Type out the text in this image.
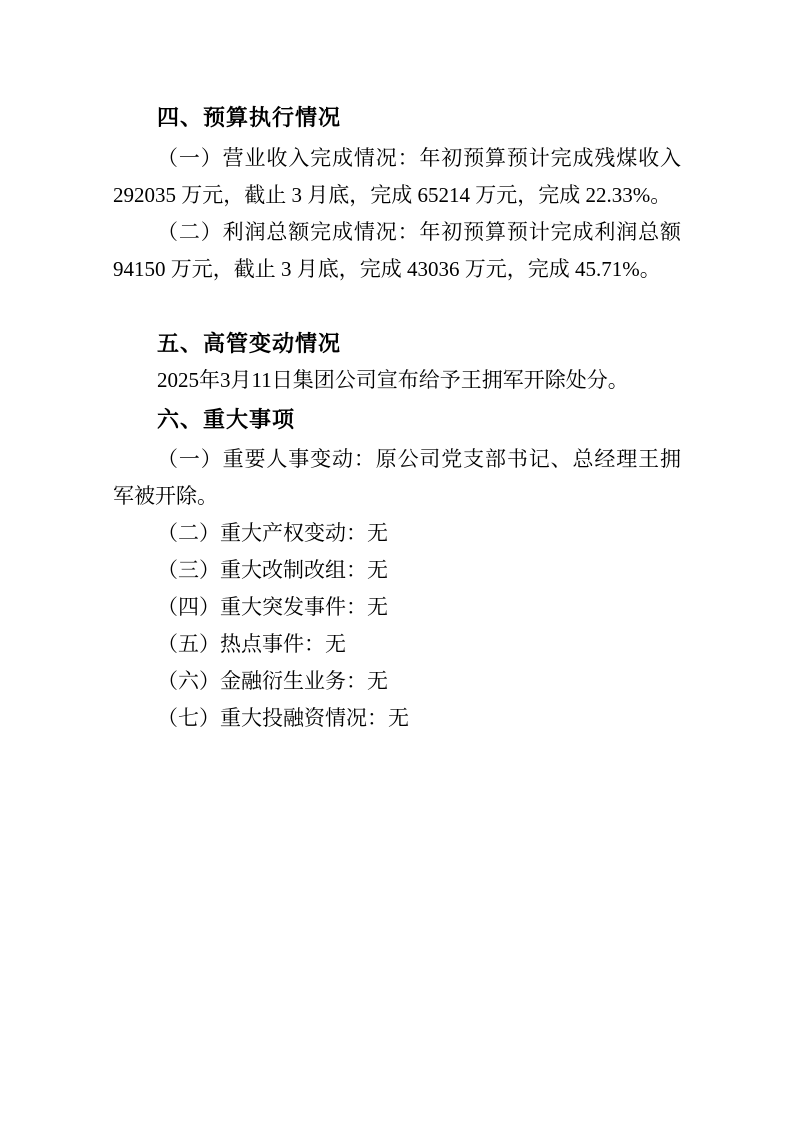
四、预算执行情况

（一）营业收入完成情况：年初预算预计完成残煤收入 292035 万元，截止 3 月底，完成 65214 万元，完成 22.33%。

（二）利润总额完成情况：年初预算预计完成利润总额 94150 万元，截止 3 月底，完成 43036 万元，完成 45.71%。

五、高管变动情况

2025年3月11日集团公司宣布给予王拥军开除处分。

六、重大事项

（一）重要人事变动：原公司党支部书记、总经理王拥军被开除。

（二）重大产权变动：无

（三）重大改制改组：无

（四）重大突发事件：无

（五）热点事件：无

（六）金融衍生业务：无

（七）重大投融资情况：无
